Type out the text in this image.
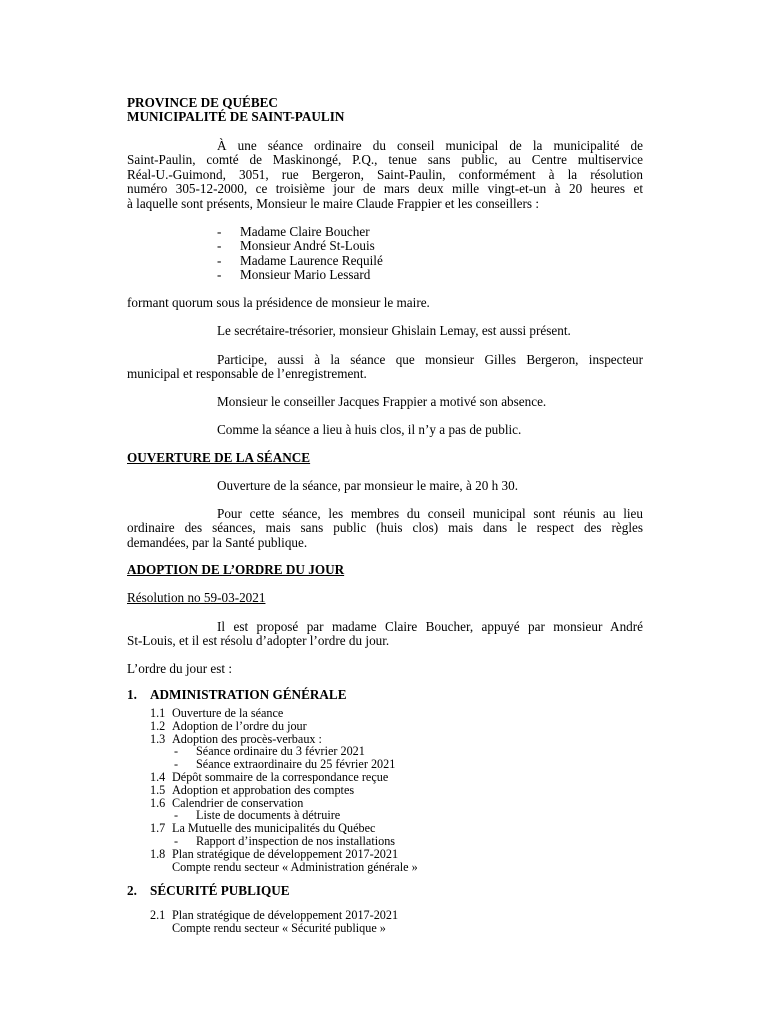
PROVINCE DE QUÉBEC
MUNICIPALITÉ DE SAINT-PAULIN
À une séance ordinaire du conseil municipal de la municipalité de
Saint-Paulin, comté de Maskinongé, P.Q., tenue sans public, au Centre multiservice
Réal-U.-Guimond, 3051, rue Bergeron, Saint-Paulin, conformément à la résolution
numéro 305-12-2000, ce troisième jour de mars deux mille vingt-et-un à 20 heures et
à laquelle sont présents, Monsieur le maire Claude Frappier et les conseillers :
- Madame Claire Boucher
- Monsieur André St-Louis
- Madame Laurence Requilé
- Monsieur Mario Lessard
formant quorum sous la présidence de monsieur le maire.
Le secrétaire-trésorier, monsieur Ghislain Lemay, est aussi présent.
Participe, aussi à la séance que monsieur Gilles Bergeron, inspecteur
municipal et responsable de l’enregistrement.
Monsieur le conseiller Jacques Frappier a motivé son absence.
Comme la séance a lieu à huis clos, il n’y a pas de public.
OUVERTURE DE LA SÉANCE
Ouverture de la séance, par monsieur le maire, à 20 h 30.
Pour cette séance, les membres du conseil municipal sont réunis au lieu
ordinaire des séances, mais sans public (huis clos) mais dans le respect des règles
demandées, par la Santé publique.
ADOPTION DE L’ORDRE DU JOUR
Résolution no 59-03-2021
Il est proposé par madame Claire Boucher, appuyé par monsieur André
St-Louis, et il est résolu d’adopter l’ordre du jour.
L’ordre du jour est :
1. ADMINISTRATION GÉNÉRALE
1.1 Ouverture de la séance
1.2 Adoption de l’ordre du jour
1.3 Adoption des procès-verbaux :
- Séance ordinaire du 3 février 2021
- Séance extraordinaire du 25 février 2021
1.4 Dépôt sommaire de la correspondance reçue
1.5 Adoption et approbation des comptes
1.6 Calendrier de conservation
- Liste de documents à détruire
1.7 La Mutuelle des municipalités du Québec
- Rapport d’inspection de nos installations
1.8 Plan stratégique de développement 2017-2021
Compte rendu secteur « Administration générale »
2. SÉCURITÉ PUBLIQUE
2.1 Plan stratégique de développement 2017-2021
Compte rendu secteur « Sécurité publique »
